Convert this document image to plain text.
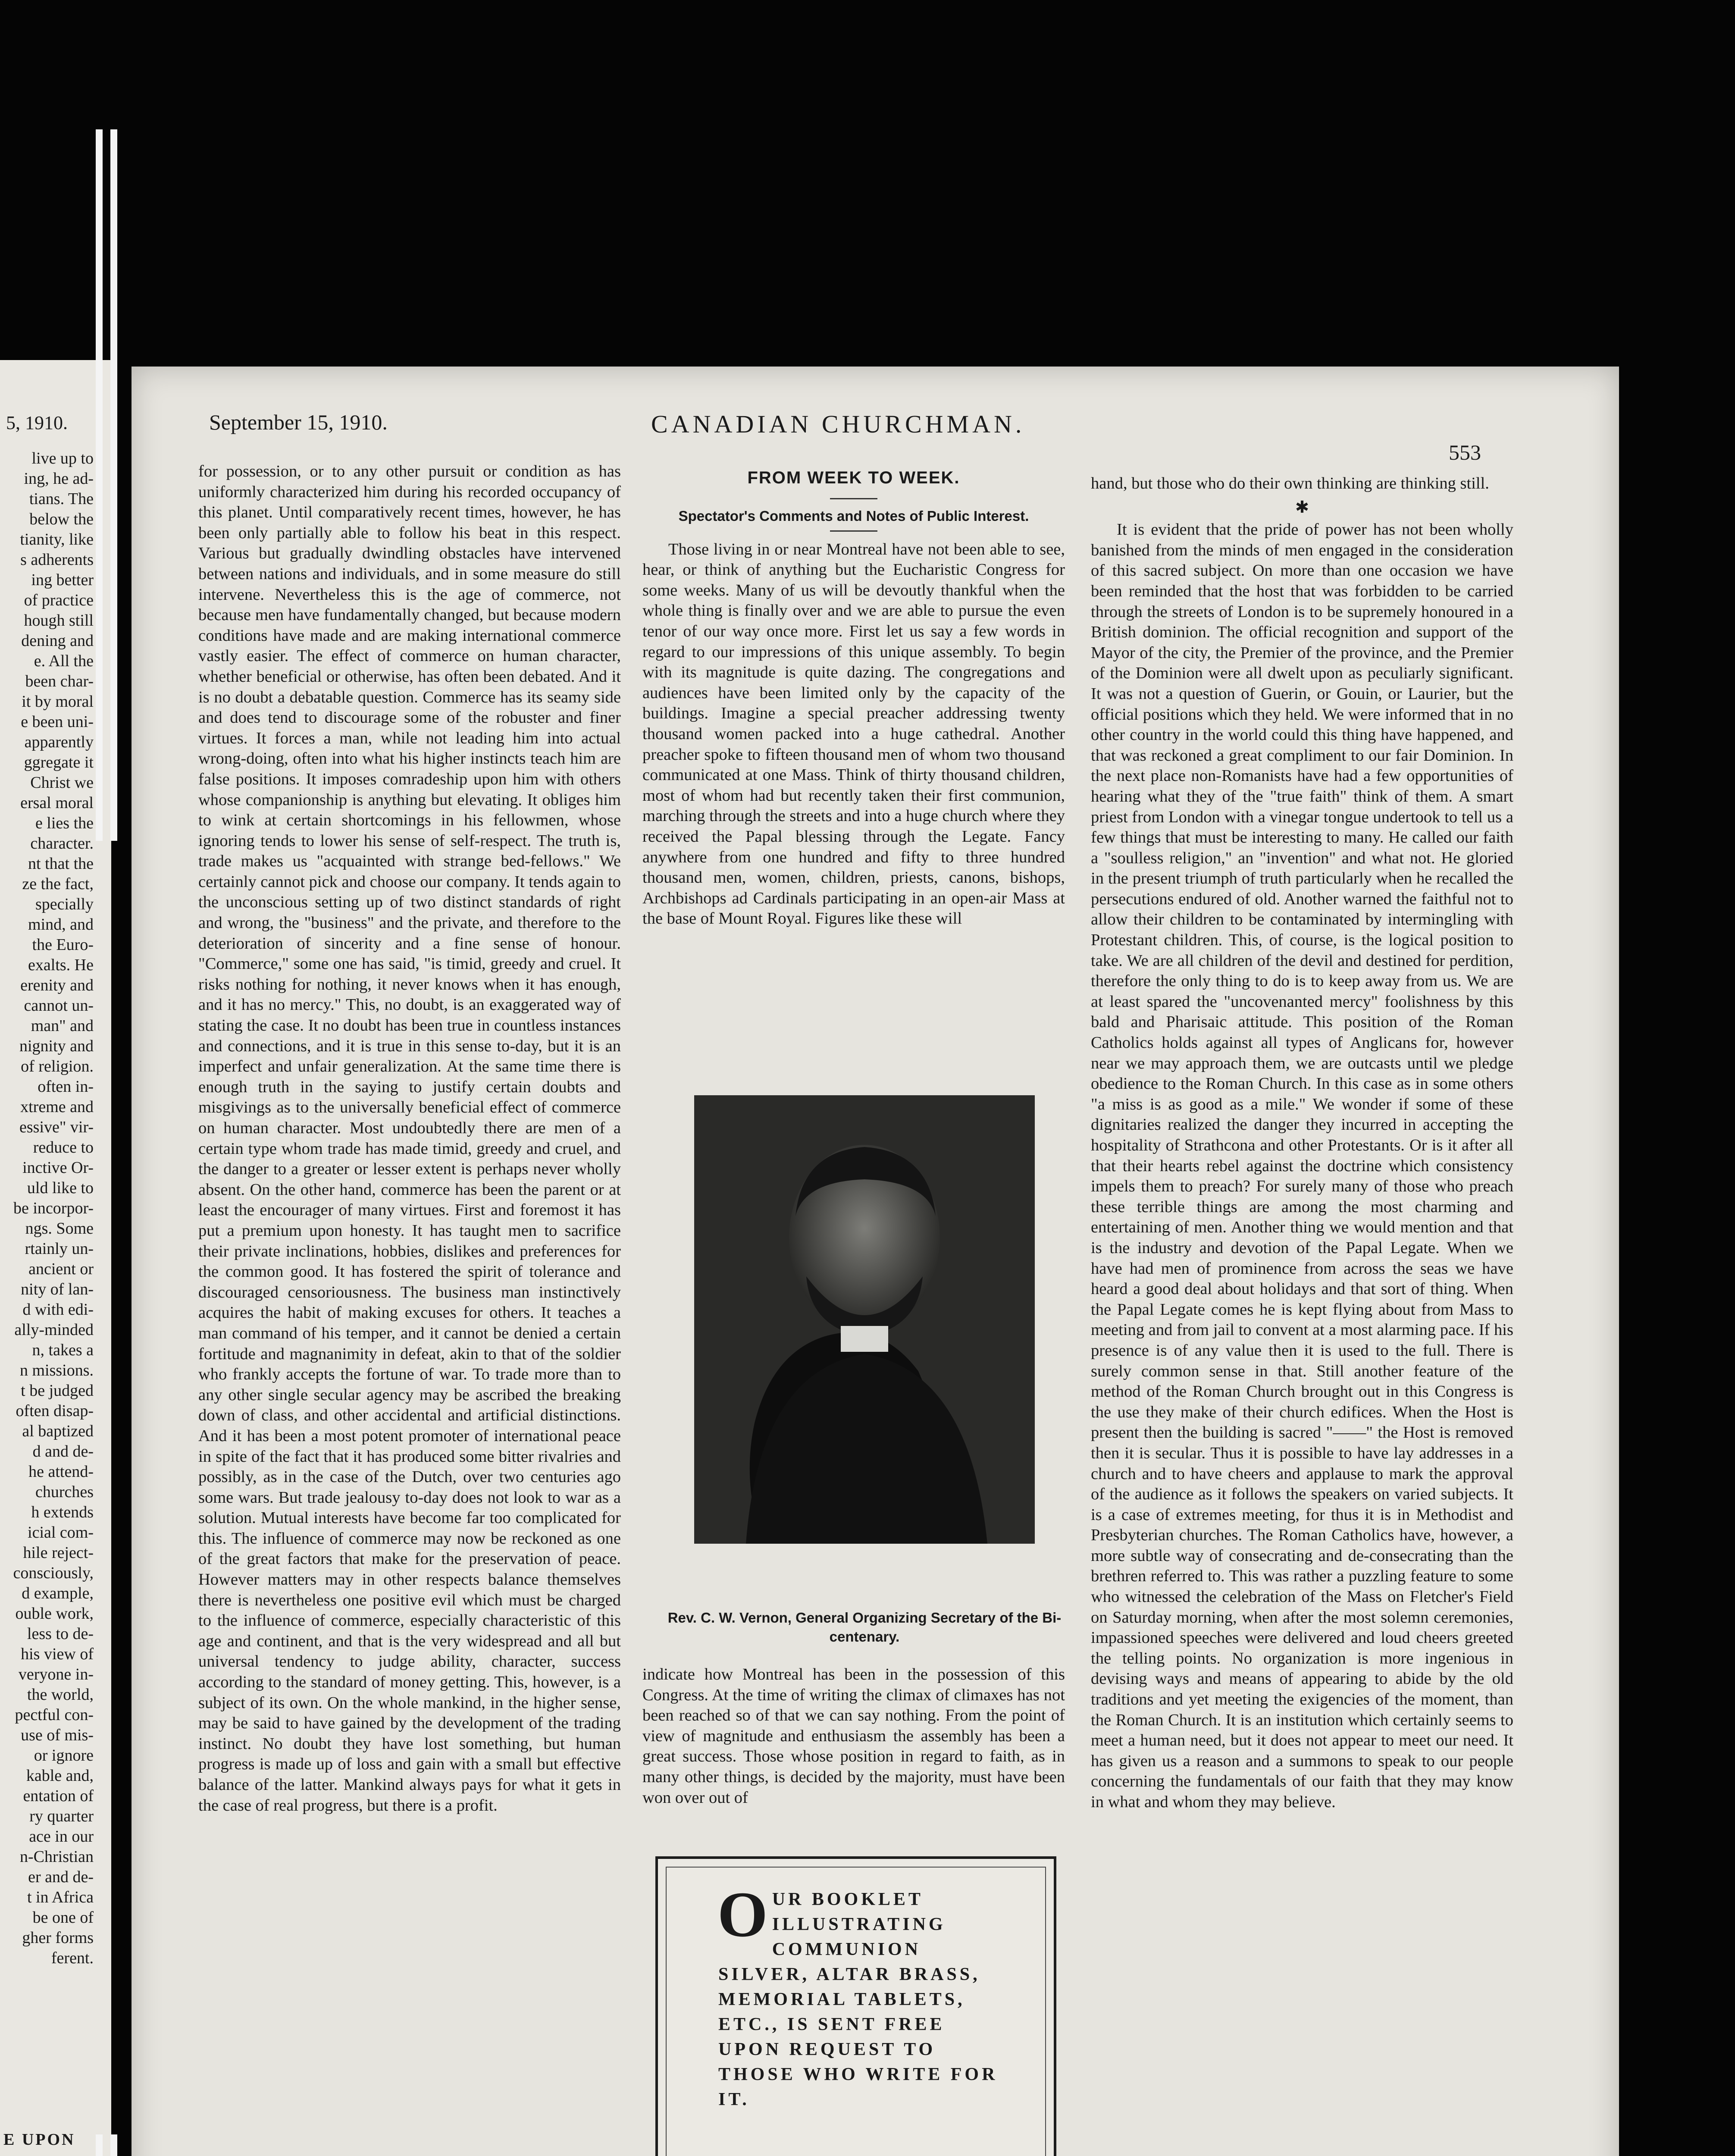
5, 1910.

live up to

ing, he ad-

tians. The

below the

tianity, like

s adherents

ing better

of practice

hough still

dening and

e. All the

been char-

it by moral

e been uni-

apparently

ggregate it

Christ we

ersal moral

e lies the

character.

nt that the

ze the fact,

specially

mind, and

the Euro-

exalts. He

erenity and

cannot un-

man" and

nignity and

of religion.

often in-

xtreme and

essive" vir-

reduce to

inctive Or-

uld like to

be incorpor-

ngs. Some

rtainly un-

ancient or

nity of lan-

d with edi-

ally-minded

n, takes a

n missions.

t be judged

often disap-

al baptized

d and de-

he attend-

churches

h extends

icial com-

hile reject-

consciously,

d example,

ouble work,

less to de-

his view of

veryone in-

the world,

pectful con-

use of mis-

or ignore

kable and,

entation of

ry quarter

ace in our

n-Christian

er and de-

t in Africa

be one of

gher forms

ferent.

E UPON

September 15, 1910.	CANADIAN CHURCHMAN.
553

for possession, or to any other pursuit or condition as has uniformly characterized him during his recorded occupancy of this planet. Until comparatively recent times, however, he has been only partially able to follow his beat in this respect. Various but gradually dwindling obstacles have intervened between nations and individuals, and in some measure do still intervene. Nevertheless this is the age of commerce, not because men have fundamentally changed, but because modern conditions have made and are making international commerce vastly easier. The effect of commerce on human character, whether beneficial or otherwise, has often been debated. And it is no doubt a debatable question. Commerce has its seamy side and does tend to discourage some of the robuster and finer virtues. It forces a man, while not leading him into actual wrong-doing, often into what his higher instincts teach him are false positions. It imposes comradeship upon him with others whose companionship is anything but elevating. It obliges him to wink at certain shortcomings in his fellowmen, whose ignoring tends to lower his sense of self-respect. The truth is, trade makes us "acquainted with strange bed-fellows." We certainly cannot pick and choose our company. It tends again to the unconscious setting up of two distinct standards of right and wrong, the "business" and the private, and therefore to the deterioration of sincerity and a fine sense of honour. "Commerce," some one has said, "is timid, greedy and cruel. It risks nothing for nothing, it never knows when it has enough, and it has no mercy." This, no doubt, is an exaggerated way of stating the case. It no doubt has been true in countless instances and connections, and it is true in this sense to-day, but it is an imperfect and unfair generalization. At the same time there is enough truth in the saying to justify certain doubts and misgivings as to the universally beneficial effect of commerce on human character. Most undoubtedly there are men of a certain type whom trade has made timid, greedy and cruel, and the danger to a greater or lesser extent is perhaps never wholly absent. On the other hand, commerce has been the parent or at least the encourager of many virtues. First and foremost it has put a premium upon honesty. It has taught men to sacrifice their private inclinations, hobbies, dislikes and preferences for the common good. It has fostered the spirit of tolerance and discouraged censoriousness. The business man instinctively acquires the habit of making excuses for others. It teaches a man command of his temper, and it cannot be denied a certain fortitude and magnanimity in defeat, akin to that of the soldier who frankly accepts the fortune of war. To trade more than to any other single secular agency may be ascribed the breaking down of class, and other accidental and artificial distinctions. And it has been a most potent promoter of international peace in spite of the fact that it has produced some bitter rivalries and possibly, as in the case of the Dutch, over two centuries ago some wars. But trade jealousy to-day does not look to war as a solution. Mutual interests have become far too complicated for this. The influence of commerce may now be reckoned as one of the great factors that make for the preservation of peace. However matters may in other respects balance themselves there is nevertheless one positive evil which must be charged to the influence of commerce, especially characteristic of this age and continent, and that is the very widespread and all but universal tendency to judge ability, character, success according to the standard of money getting. This, however, is a subject of its own. On the whole mankind, in the higher sense, may be said to have gained by the development of the trading instinct. No doubt they have lost something, but human progress is made up of loss and gain with a small but effective balance of the latter. Mankind always pays for what it gets in the case of real progress, but there is a profit.

FROM WEEK TO WEEK.
Spectator's Comments and Notes of Public Interest.

Those living in or near Montreal have not been able to see, hear, or think of anything but the Eucharistic Congress for some weeks. Many of us will be devoutly thankful when the whole thing is finally over and we are able to pursue the even tenor of our way once more. First let us say a few words in regard to our impressions of this unique assembly. To begin with its magnitude is quite dazing. The congregations and audiences have been limited only by the capacity of the buildings. Imagine a special preacher addressing twenty thousand women packed into a huge cathedral. Another preacher spoke to fifteen thousand men of whom two thousand communicated at one Mass. Think of thirty thousand children, most of whom had but recently taken their first communion, marching through the streets and into a huge church where they received the Papal blessing through the Legate. Fancy anywhere from one hundred and fifty to three hundred thousand men, women, children, priests, canons, bishops, Archbishops ad Cardinals participating in an open-air Mass at the base of Mount Royal. Figures like these will

Rev. C. W. Vernon, General Organizing Secretary of the Bi-centenary.

indicate how Montreal has been in the possession of this Congress. At the time of writing the climax of climaxes has not been reached so of that we can say nothing. From the point of view of magnitude and enthusiasm the assembly has been a great success. Those whose position in regard to faith, as in many other things, is decided by the majority, must have been won over out of

OUR BOOKLET ILLUSTRATING COMMUNION SILVER, ALTAR BRASS, MEMORIAL TABLETS, ETC., IS SENT FREE UPON REQUEST TO THOSE WHO WRITE FOR IT.

hand, but those who do their own thinking are thinking still.

✱

It is evident that the pride of power has not been wholly banished from the minds of men engaged in the consideration of this sacred subject. On more than one occasion we have been reminded that the host that was forbidden to be carried through the streets of London is to be supremely honoured in a British dominion. The official recognition and support of the Mayor of the city, the Premier of the province, and the Premier of the Dominion were all dwelt upon as peculiarly significant. It was not a question of Guerin, or Gouin, or Laurier, but the official positions which they held. We were informed that in no other country in the world could this thing have happened, and that was reckoned a great compliment to our fair Dominion. In the next place non-Romanists have had a few opportunities of hearing what they of the "true faith" think of them. A smart priest from London with a vinegar tongue undertook to tell us a few things that must be interesting to many. He called our faith a "soulless religion," an "invention" and what not. He gloried in the present triumph of truth particularly when he recalled the persecutions endured of old. Another warned the faithful not to allow their children to be contaminated by intermingling with Protestant children. This, of course, is the logical position to take. We are all children of the devil and destined for perdition, therefore the only thing to do is to keep away from us. We are at least spared the "uncovenanted mercy" foolishness by this bald and Pharisaic attitude. This position of the Roman Catholics holds against all types of Anglicans for, however near we may approach them, we are outcasts until we pledge obedience to the Roman Church. In this case as in some others "a miss is as good as a mile." We wonder if some of these dignitaries realized the danger they incurred in accepting the hospitality of Strathcona and other Protestants. Or is it after all that their hearts rebel against the doctrine which consistency impels them to preach? For surely many of those who preach these terrible things are among the most charming and entertaining of men. Another thing we would mention and that is the industry and devotion of the Papal Legate. When we have had men of prominence from across the seas we have heard a good deal about holidays and that sort of thing. When the Papal Legate comes he is kept flying about from Mass to meeting and from jail to convent at a most alarming pace. If his presence is of any value then it is used to the full. There is surely common sense in that. Still another feature of the method of the Roman Church brought out in this Congress is the use they make of their church edifices. When the Host is present then the building is sacred "——" the Host is removed then it is secular. Thus it is possible to have lay addresses in a church and to have cheers and applause to mark the approval of the audience as it follows the speakers on varied subjects. It is a case of extremes meeting, for thus it is in Methodist and Presbyterian churches. The Roman Catholics have, however, a more subtle way of consecrating and de-consecrating than the brethren referred to. This was rather a puzzling feature to some who witnessed the celebration of the Mass on Fletcher's Field on Saturday morning, when after the most solemn ceremonies, impassioned speeches were delivered and loud cheers greeted the telling points. No organization is more ingenious in devising ways and means of appearing to abide by the old traditions and yet meeting the exigencies of the moment, than the Roman Church. It is an institution which certainly seems to meet a human need, but it does not appear to meet our need. It has given us a reason and a summons to speak to our people concerning the fundamentals of our faith that they may know in what and whom they may believe.
